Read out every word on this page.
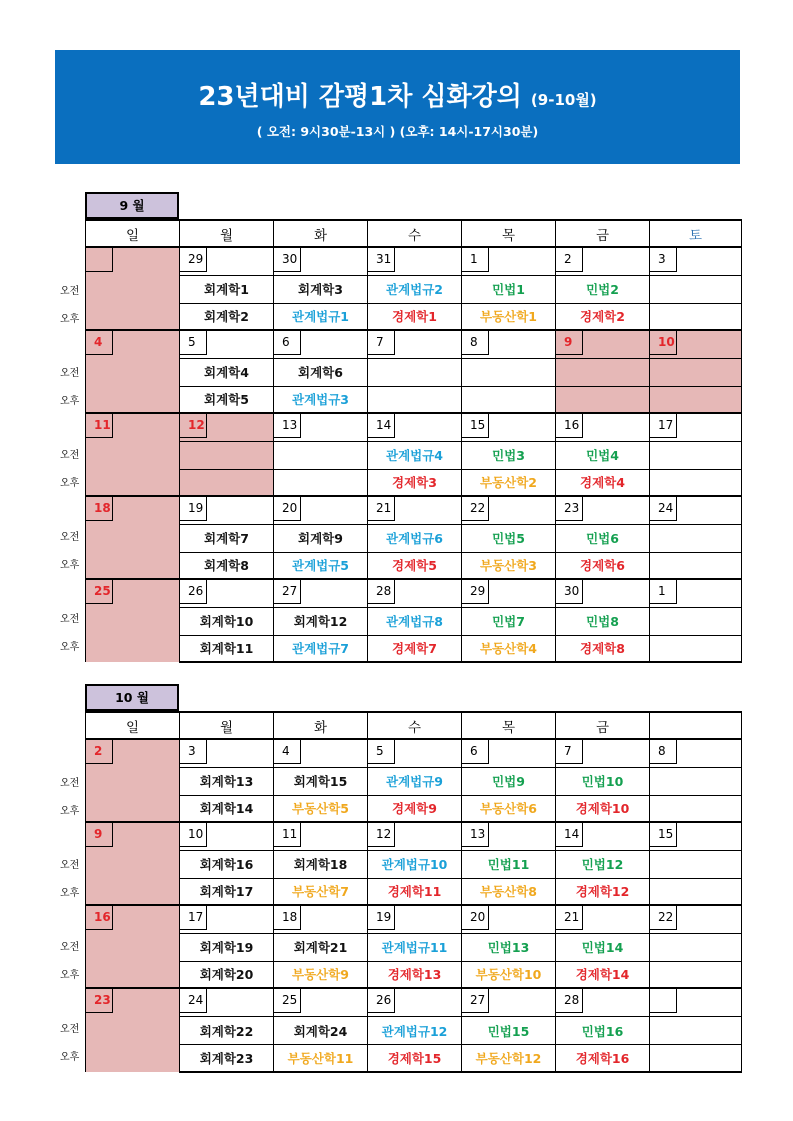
23년대비 감평1차 심화강의 (9-10월)
( 오전: 9시30분-13시 ) (오후: 14시-17시30분)
9 월
오전
오후
오전
오후
오전
오후
오전
오후
오전
오후
일	월	화	수	목	금	토
	29	30	31	1	2	3
	회계학1	회계학3	관계법규2	민법1	민법2	
	회계학2	관계법규1	경제학1	부동산학1	경제학2	
4	5	6	7	8	9	10
	회계학4	회계학6				
	회계학5	관계법규3				
11	12	13	14	15	16	17
			관계법규4	민법3	민법4	
			경제학3	부동산학2	경제학4	
18	19	20	21	22	23	24
	회계학7	회계학9	관계법규6	민법5	민법6	
	회계학8	관계법규5	경제학5	부동산학3	경제학6	
25	26	27	28	29	30	1
	회계학10	회계학12	관계법규8	민법7	민법8	
	회계학11	관계법규7	경제학7	부동산학4	경제학8	
10 월
오전
오후
오전
오후
오전
오후
오전
오후
일	월	화	수	목	금	
2	3	4	5	6	7	8
	회계학13	회계학15	관계법규9	민법9	민법10	
	회계학14	부동산학5	경제학9	부동산학6	경제학10	
9	10	11	12	13	14	15
	회계학16	회계학18	관계법규10	민법11	민법12	
	회계학17	부동산학7	경제학11	부동산학8	경제학12	
16	17	18	19	20	21	22
	회계학19	회계학21	관계법규11	민법13	민법14	
	회계학20	부동산학9	경제학13	부동산학10	경제학14	
23	24	25	26	27	28	
	회계학22	회계학24	관계법규12	민법15	민법16	
	회계학23	부동산학11	경제학15	부동산학12	경제학16	
